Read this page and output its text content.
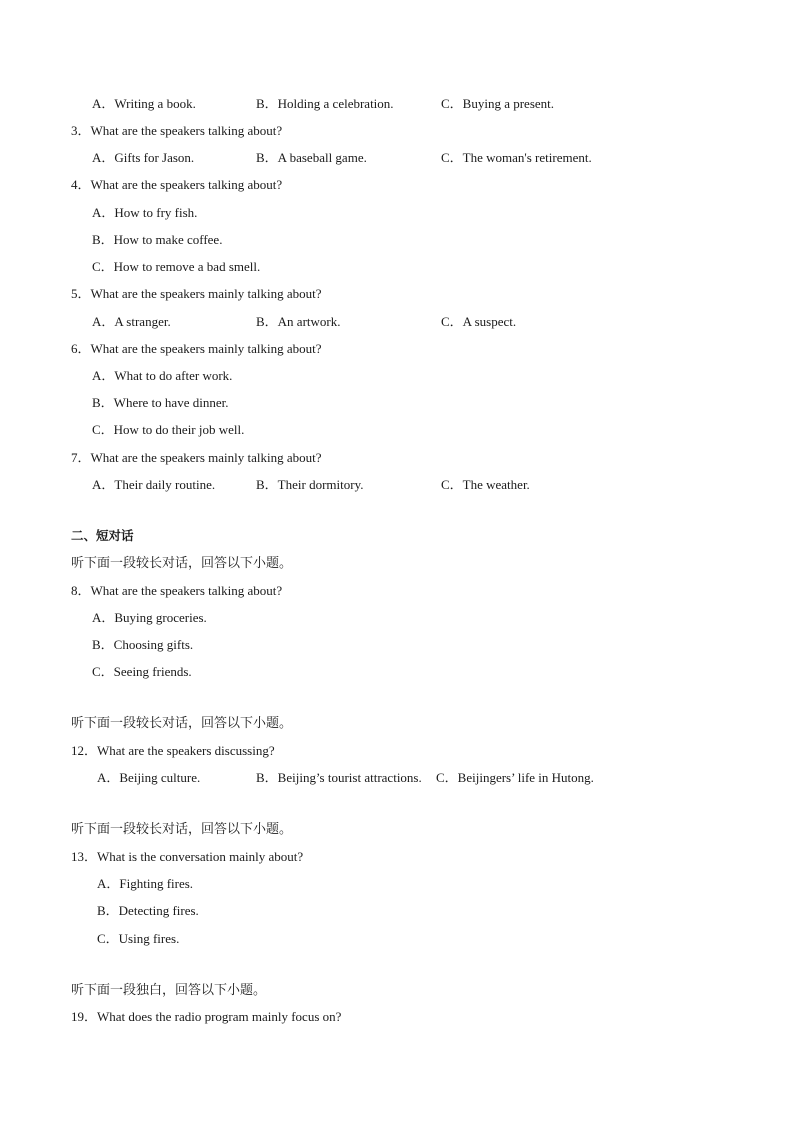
A．Writing a book.	B．Holding a celebration.	C．Buying a present.
3．What are the speakers talking about?
A．Gifts for Jason.	B．A baseball game.	C．The woman's retirement.
4．What are the speakers talking about?
A．How to fry fish.
B．How to make coffee.
C．How to remove a bad smell.
5．What are the speakers mainly talking about?
A．A stranger.	B．An artwork.	C．A suspect.
6．What are the speakers mainly talking about?
A．What to do after work.
B．Where to have dinner.
C．How to do their job well.
7．What are the speakers mainly talking about?
A．Their daily routine.	B．Their dormitory.	C．The weather.
二、短对话
听下面一段较长对话，回答以下小题。
8．What are the speakers talking about?
A．Buying groceries.
B．Choosing gifts.
C．Seeing friends.
听下面一段较长对话，回答以下小题。
12．What are the speakers discussing?
A．Beijing culture.	B．Beijing’s tourist attractions. C．Beijingers’ life in Hutong.
听下面一段较长对话，回答以下小题。
13．What is the conversation mainly about?
A．Fighting fires.
B．Detecting fires.
C．Using fires.
听下面一段独白，回答以下小题。
19．What does the radio program mainly focus on?
